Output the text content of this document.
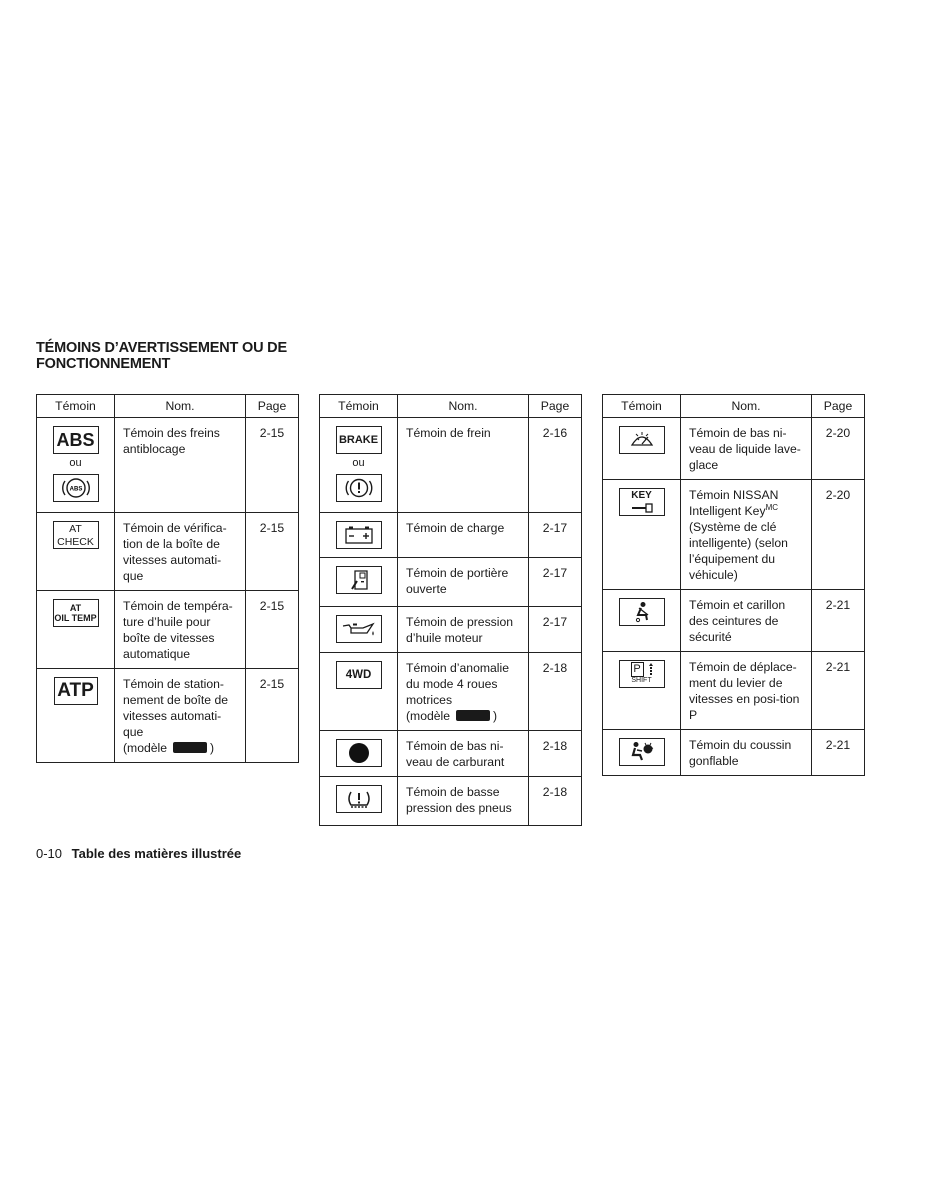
TÉMOINS D’AVERTISSEMENT OU DE
FONCTIONNEMENT
Témoin	Nom.	Page

ABS
ou
ABS	Témoin des freins antiblocage	2-15

AT
CHECK	Témoin de vérifica-tion de la boîte de vitesses automati-que	2-15

AT
OIL TEMP	Témoin de tempéra-ture d’huile pour boîte de vitesses automatique	2-15

ATP	Témoin de station-nement de boîte de vitesses automati-que
(modèle )	2-15
Témoin	Nom.	Page

BRAKE
ou	Témoin de frein	2-16

	Témoin de charge	2-17

	Témoin de portière ouverte	2-17

	Témoin de pression d’huile moteur	2-17

4WD	Témoin d’anomalie du mode 4 roues motrices
(modèle )	2-18

	Témoin de bas ni-veau de carburant	2-18

	Témoin de basse pression des pneus	2-18
Témoin	Nom.	Page

	Témoin de bas ni-veau de liquide lave-glace	2-20

KEY	Témoin NISSAN Intelligent Key$^{MC}$ (Système de clé intelligente) (selon l’équipement du véhicule)	2-20

	Témoin et carillon des ceintures de sécurité	2-21

P
SHIFT	Témoin de déplace-ment du levier de vitesses en posi-tion P	2-21

	Témoin du coussin gonflable	2-21
0-10 Table des matières illustrée
